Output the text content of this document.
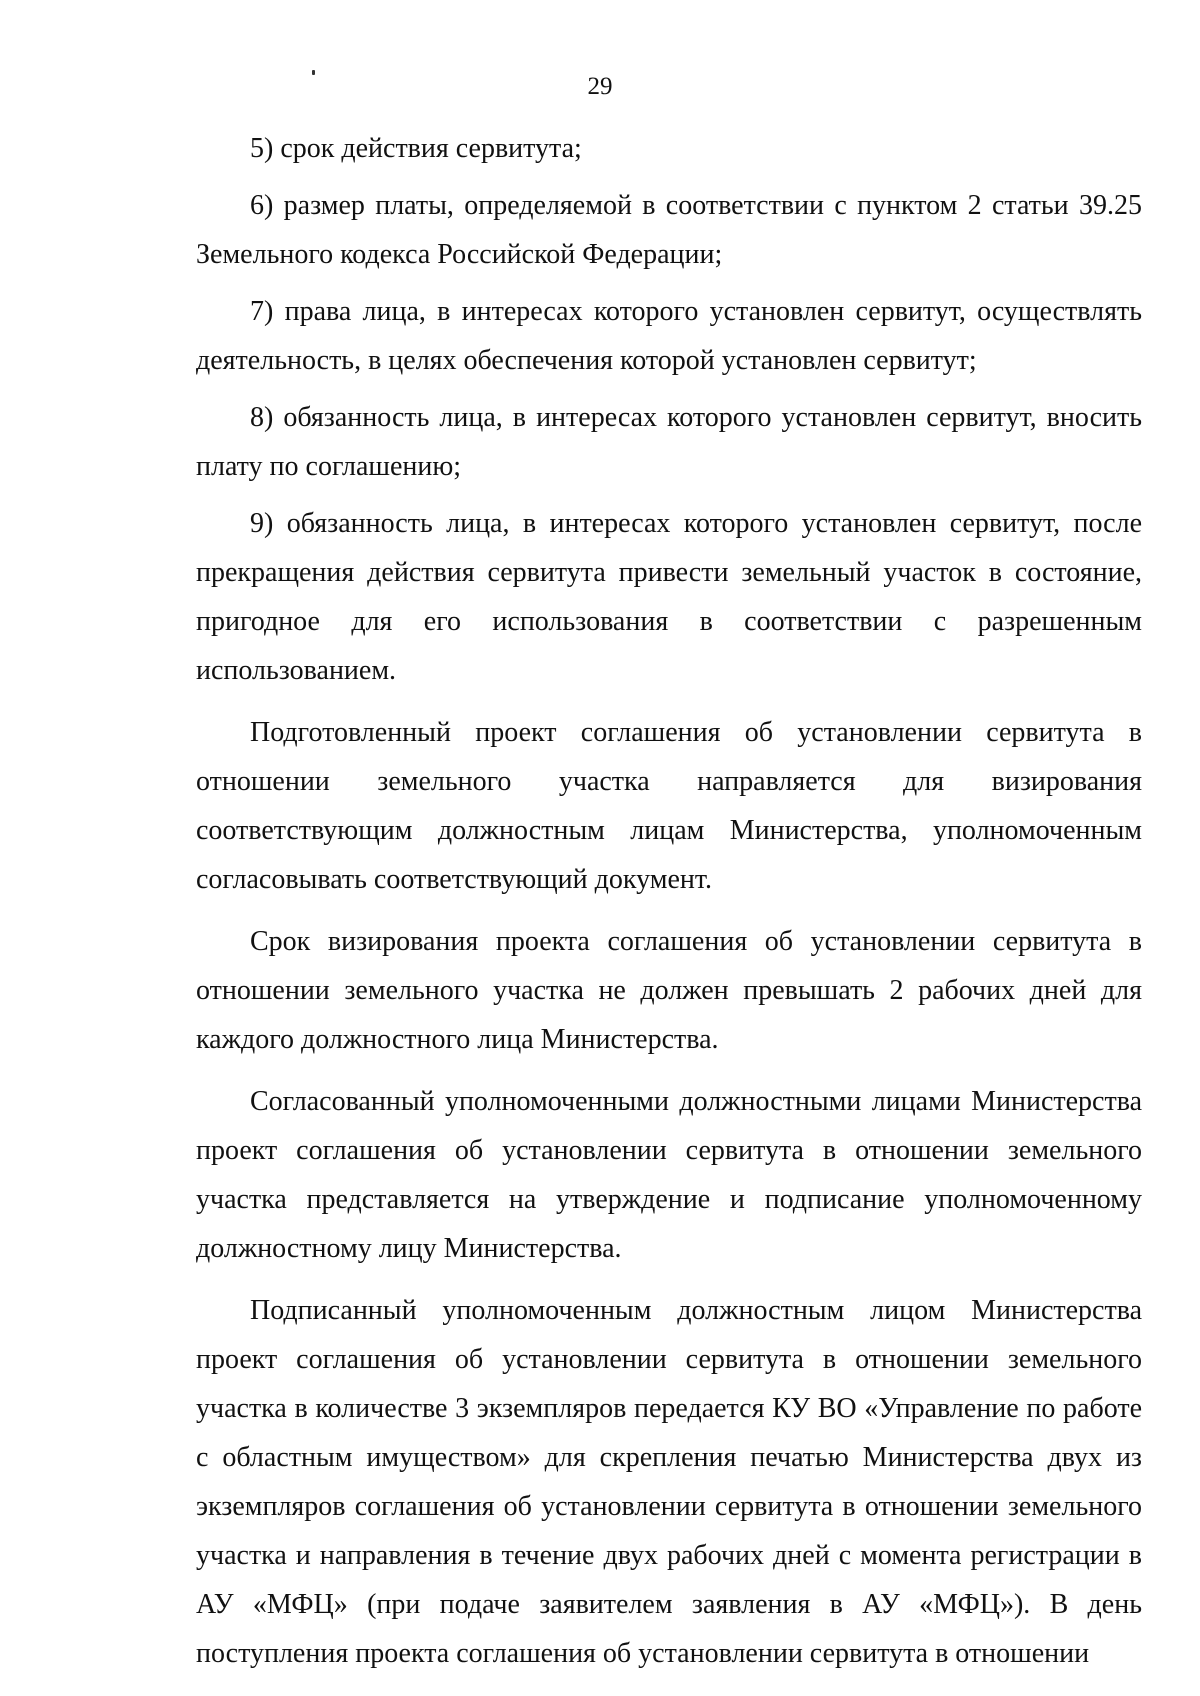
29

5) срок действия сервитута;

6) размер платы, определяемой в соответствии с пунктом 2 статьи 39.25 Земельного кодекса Российской Федерации;

7) права лица, в интересах которого установлен сервитут, осуществлять деятельность, в целях обеспечения которой установлен сервитут;

8) обязанность лица, в интересах которого установлен сервитут, вносить плату по соглашению;

9) обязанность лица, в интересах которого установлен сервитут, после прекращения действия сервитута привести земельный участок в состояние, пригодное для его использования в соответствии с разрешенным использованием.

Подготовленный проект соглашения об установлении сервитута в отношении земельного участка направляется для визирования соответствующим должностным лицам Министерства, уполномоченным согласовывать соответствующий документ.

Срок визирования проекта соглашения об установлении сервитута в отношении земельного участка не должен превышать 2 рабочих дней для каждого должностного лица Министерства.

Согласованный уполномоченными должностными лицами Министерства проект соглашения об установлении сервитута в отношении земельного участка представляется на утверждение и подписание уполномоченному должностному лицу Министерства.

Подписанный уполномоченным должностным лицом Министерства проект соглашения об установлении сервитута в отношении земельного участка в количестве 3 экземпляров передается КУ ВО «Управление по работе с областным имуществом» для скрепления печатью Министерства двух из экземпляров соглашения об установлении сервитута в отношении земельного участка и направления в течение двух рабочих дней с момента регистрации в АУ «МФЦ» (при подаче заявителем заявления в АУ «МФЦ»). В день поступления проекта соглашения об установлении сервитута в отношении
